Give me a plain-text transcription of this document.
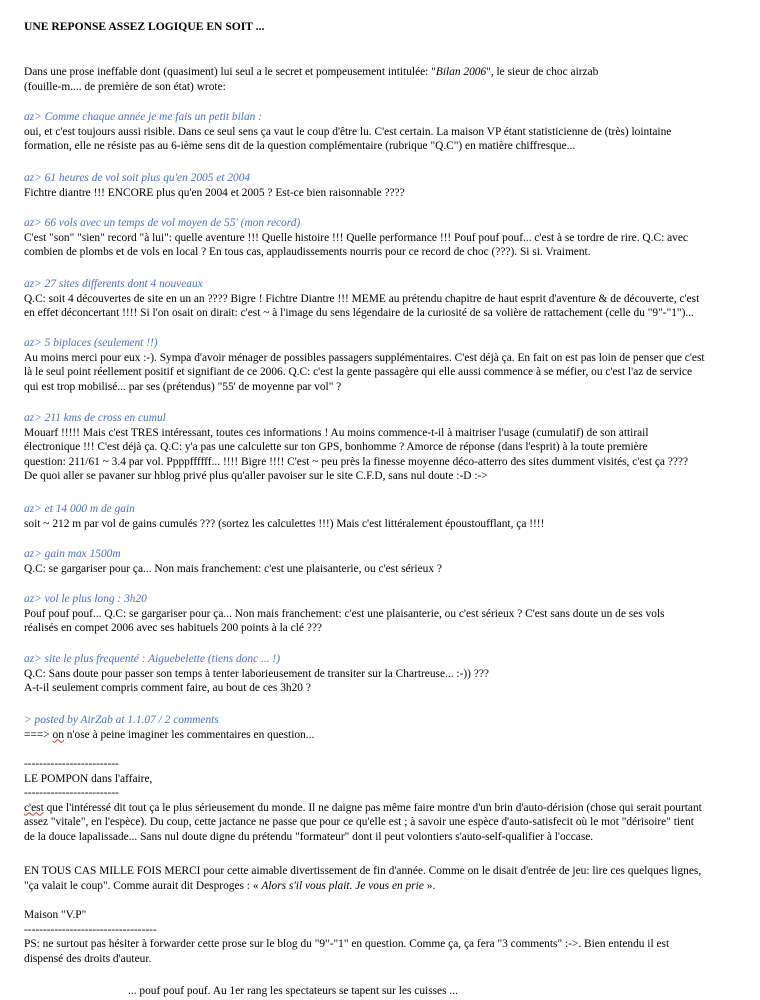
UNE REPONSE ASSEZ LOGIQUE EN SOIT ...
Dans une prose ineffable dont (quasiment) lui seul a le secret et pompeusement intitulée: "Bilan 2006", le sieur de choc airzab
(fouille-m.... de première de son état) wrote:
az> Comme chaque année je me fais un petit bilan :
oui, et c'est toujours aussi risible. Dans ce seul sens ça vaut le coup d'être lu. C'est certain. La maison VP étant statisticienne de (très) lointaine
formation, elle ne résiste pas au 6-ième sens dit de la question complémentaire (rubrique "Q.C") en matière chiffresque...
az> 61 heures de vol soit plus qu'en 2005 et 2004
Fichtre diantre !!! ENCORE plus qu'en 2004 et 2005 ? Est-ce bien raisonnable ????
az> 66 vols avec un temps de vol moyen de 55' (mon record)
C'est "son" "sien" record "à lui": quelle aventure !!! Quelle histoire !!! Quelle performance !!! Pouf pouf pouf... c'est à se tordre de rire. Q.C: avec
combien de plombs et de vols en local ? En tous cas, applaudissements nourris pour ce record de choc (???). Si si. Vraiment.
az> 27 sites differents dont 4 nouveaux
Q.C: soit 4 découvertes de site en un an ???? Bigre ! Fichtre Diantre !!! MEME au prétendu chapitre de haut esprit d'aventure & de découverte, c'est
en effet déconcertant !!!! Si l'on osait on dirait: c'est ~ à l'image du sens légendaire de la curiosité de sa volière de rattachement (celle du "9"-"1")...
az> 5 biplaces (seulement !!)
Au moins merci pour eux :-). Sympa d'avoir ménager de possibles passagers supplémentaires. C'est déjà ça. En fait on est pas loin de penser que c'est
là le seul point réellement positif et signifiant de ce 2006. Q.C: c'est la gente passagère qui elle aussi commence à se méfier, ou c'est l'az de service
qui est trop mobilisé... par ses (prétendus) "55' de moyenne par vol" ?
az> 211 kms de cross en cumul
Mouarf !!!!! Mais c'est TRES intéressant, toutes ces informations ! Au moins commence-t-il à maitriser l'usage (cumulatif) de son attirail
électronique !!! C'est déjà ça. Q.C: y'a pas une calculette sur ton GPS, bonhomme ? Amorce de réponse (dans l'esprit) à la toute première
question: 211/61 ~ 3.4 par vol. Ppppffffff... !!!! Bigre !!!! C'est ~ peu près la finesse moyenne déco-atterro des sites dumment visités, c'est ça ????
De quoi aller se pavaner sur hblog privé plus qu'aller pavoiser sur le site C.F.D, sans nul doute :-D :->
az> et 14 000 m de gain
soit ~ 212 m par vol de gains cumulés ??? (sortez les calculettes !!!) Mais c'est littéralement époustoufflant, ça !!!!
az> gain max 1500m
Q.C: se gargariser pour ça... Non mais franchement: c'est une plaisanterie, ou c'est sérieux ?
az> vol le plus long : 3h20
Pouf pouf pouf... Q.C: se gargariser pour ça... Non mais franchement: c'est une plaisanterie, ou c'est sérieux ? C'est sans doute un de ses vols
réalisés en compet 2006 avec ses habituels 200 points à la clé ???
az> site le plus frequenté : Aiguebelette (tiens donc ... !)
Q.C: Sans doute pour passer son temps à tenter laborieusement de transiter sur la Chartreuse... :-)) ???
A-t-il seulement compris comment faire, au bout de ces 3h20 ?
> posted by AirZab at 1.1.07 / 2 comments
===> on n'ose à peine imaginer les commentaires en question...
-------------------------
LE POMPON dans l'affaire,
-------------------------
c'est que l'intéressé dit tout ça le plus sérieusement du monde. Il ne daigne pas même faire montre d'un brin d'auto-dérision (chose qui serait pourtant
assez "vitale", en l'espèce). Du coup, cette jactance ne passe que pour ce qu'elle est ; à savoir une espèce d'auto-satisfecit où le mot "dérisoire" tient
de la douce lapalissade... Sans nul doute digne du prétendu "formateur" dont il peut volontiers s'auto-self-qualifier à l'occase.
EN TOUS CAS MILLE FOIS MERCI pour cette aimable divertissement de fin d'année. Comme on le disait d'entrée de jeu: lire ces quelques lignes,
"ça valait le coup". Comme aurait dit Desproges : « Alors s'il vous plait. Je vous en prie ».
Maison "V.P"
-----------------------------------
PS: ne surtout pas hésiter à forwarder cette prose sur le blog du "9"-"1" en question. Comme ça, ça fera "3 comments" :->. Bien entendu il est
dispensé des droits d'auteur.
... pouf pouf pouf. Au 1er rang les spectateurs se tapent sur les cuisses ...
